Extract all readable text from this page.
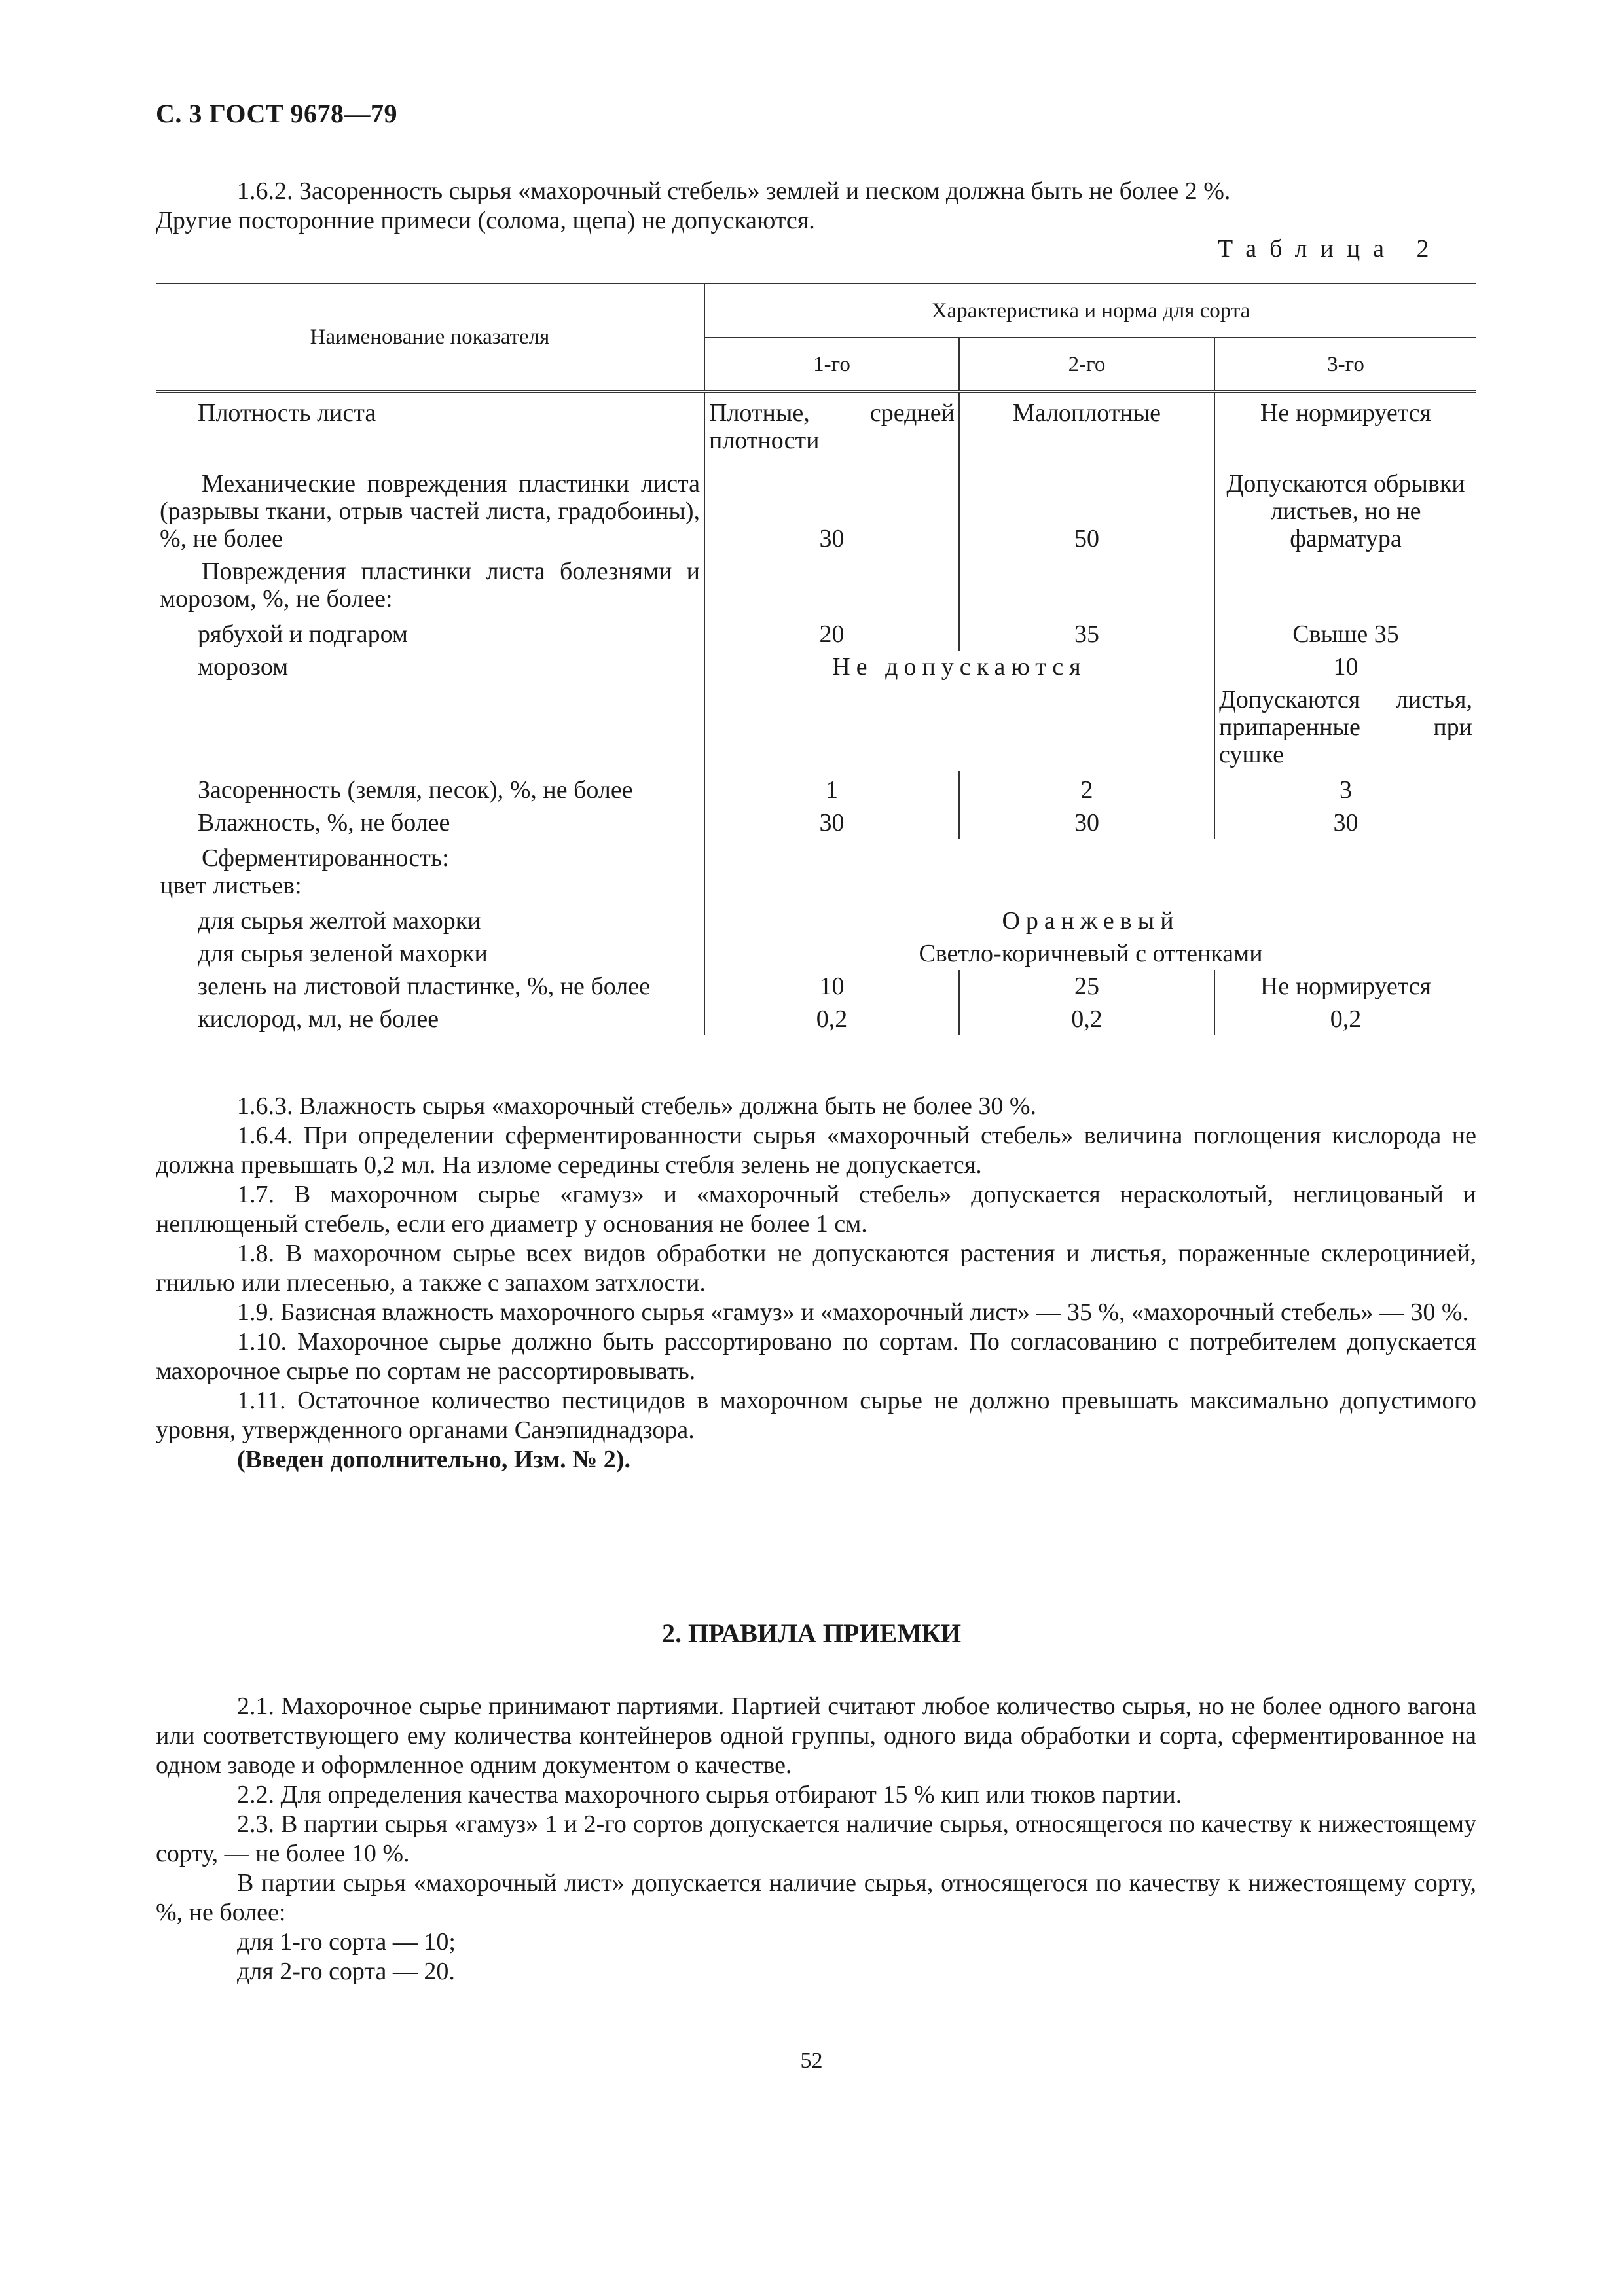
С. 3 ГОСТ 9678—79

1.6.2. Засоренность сырья «махорочный стебель» землей и песком должна быть не более 2 %.

Другие посторонние примеси (солома, щепа) не допускаются.

Таблица 2
Наименование показателя	Характеристика и норма для сорта		
	1-го	2-го	3-го
Плотность листа	Плотные, средней плотности	Малоплотные	Не нормируется
Механические повреждения пластинки листа (разрывы ткани, отрыв частей листа, градобоины), %, не более	30	50	Допускаются обрывки листьев, но не фарматура
Повреждения пластинки листа болезнями и морозом, %, не более:			
рябухой и подгаром	20	35	Свыше 35
морозом	Не допускаются		10
			Допускаются листья, припаренные при сушке
Засоренность (земля, песок), %, не более	1	2	3
Влажность, %, не более	30	30	30

Сферментированность:
цвет листьев:			

для сырья желтой махорки	Оранжевый		
для сырья зеленой махорки	Светло-коричневый с оттенками		
зелень на листовой пластинке, %, не более	10	25	Не нормируется
кислород, мл, не более	0,2	0,2	0,2

1.6.3. Влажность сырья «махорочный стебель» должна быть не более 30 %.

1.6.4. При определении сферментированности сырья «махорочный стебель» величина поглощения кислорода не должна превышать 0,2 мл. На изломе середины стебля зелень не допускается.

1.7. В махорочном сырье «гамуз» и «махорочный стебель» допускается нерасколотый, неглицованый и неплющеный стебель, если его диаметр у основания не более 1 см.

1.8. В махорочном сырье всех видов обработки не допускаются растения и листья, пораженные склероцинией, гнилью или плесенью, а также с запахом затхлости.

1.9. Базисная влажность махорочного сырья «гамуз» и «махорочный лист» — 35 %, «махорочный стебель» — 30 %.

1.10. Махорочное сырье должно быть рассортировано по сортам. По согласованию с потребителем допускается махорочное сырье по сортам не рассортировывать.

1.11. Остаточное количество пестицидов в махорочном сырье не должно превышать максимально допустимого уровня, утвержденного органами Санэпиднадзора.

(Введен дополнительно, Изм. № 2).

2. ПРАВИЛА ПРИЕМКИ

2.1. Махорочное сырье принимают партиями. Партией считают любое количество сырья, но не более одного вагона или соответствующего ему количества контейнеров одной группы, одного вида обработки и сорта, сферментированное на одном заводе и оформленное одним документом о качестве.

2.2. Для определения качества махорочного сырья отбирают 15 % кип или тюков партии.

2.3. В партии сырья «гамуз» 1 и 2-го сортов допускается наличие сырья, относящегося по качеству к нижестоящему сорту, — не более 10 %.

В партии сырья «махорочный лист» допускается наличие сырья, относящегося по качеству к нижестоящему сорту, %, не более:

для 1-го сорта — 10;

для 2-го сорта — 20.

52
